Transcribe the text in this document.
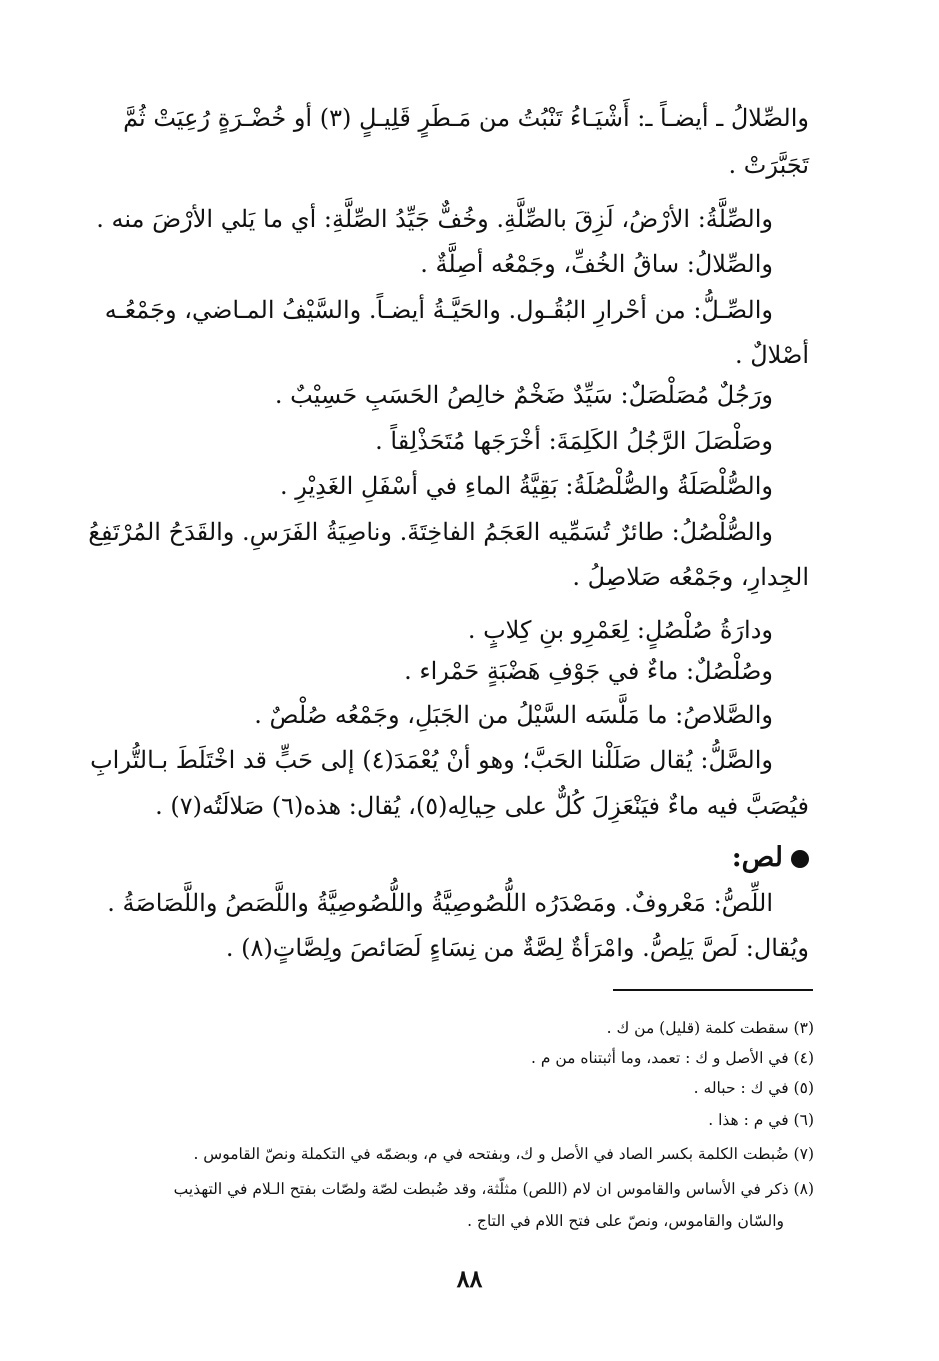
والصِّلالُ ـ أيضـاً ـ: أَشْيَـاءُ تَنْبُتُ من مَـطَرٍ قَلِيـلٍ (٣) أو خُضْـرَةٍ رُعِيَتْ ثُمَّ
تَجَبَّرَتْ .
والصِّلَّةُ: الأرْضُ، لَزِقَ بالصِّلَّةِ. وخُفٌّ جَيِّدُ الصِّلَّةِ: أي ما يَلي الأرْضَ منه .
والصِّلالُ: ساقُ الخُفِّ، وجَمْعُه أصِلَّةٌ .
والصِّـلُّ: من أحْرارِ البُقُـول. والحَيَّـةُ أيضـاً. والسَّيْفُ المـاضي، وجَمْعُـه
أصْلالٌ .
ورَجُلٌ مُصَلْصَلٌ: سَيِّدٌ ضَخْمٌ خالِصُ الحَسَبِ حَسِيْبٌ .
وصَلْصَلَ الرَّجُلُ الكَلِمَةَ: أخْرَجَها مُتَحَذْلِقاً .
والصُّلْصَلَةُ والصُّلْصُلَةُ: بَقِيَّةُ الماءِ في أسْفَلِ الغَدِيْرِ .
والصُّلْصُلُ: طائرٌ تُسَمِّيه العَجَمُ الفاخِتَةَ. وناصِيَةُ الفَرَسِ. والقَدَحُ المُرْتَفِعُ
الجِدارِ، وجَمْعُه صَلاصِلُ .
ودارَةُ صُلْصُلٍ: لِعَمْرِو بنِ كِلابٍ .
وصُلْصُلٌ: ماءٌ في جَوْفِ هَضْبَةٍ حَمْراء .
والصَّلاصُ: ما مَلَّسَه السَّيْلُ من الجَبَلِ، وجَمْعُه صُلْصٌ .
والصَّلُّ: يُقال صَلَلْنا الحَبَّ؛ وهو أنْ يُعْمَدَ(٤) إلى حَبٍّ قد اخْتَلَطَ بـالتُّرابِ
فيُصَبَّ فيه ماءٌ فيَنْعَزِلَ كُلٌّ على حِيالِه(٥)، يُقال: هذه(٦) صَلالَتُه(٧) .
لص:
اللِّصُّ: مَعْروفٌ. ومَصْدَرُه اللُّصُوصِيَّةُ واللُّصُوصِيَّةُ واللَّصَصُ واللَّصَاصَةُ .
ويُقال: لَصَّ يَلِصُّ. وامْرَأةٌ لِصَّةٌ من نِسَاءٍ لَصَائصَ ولِصَّاتٍ(٨) .
(٣) سقطت كلمة (قليل) من ك .
(٤) في الأصل و ك : تعمد، وما أثبتناه من م .
(٥) في ك : حباله .
(٦) في م : هذا .
(٧) ضُبطت الكلمة بكسر الصاد في الأصل و ك، وبفتحه في م، وبضمّه في التكملة ونصّ القاموس .
(٨) ذكر في الأساس والقاموس ان لام (اللص) مثلّثة، وقد ضُبطت لصّة ولصّات بفتح الـلام في التهذيب
والسّان والقاموس، ونصّ على فتح اللام في التاج .
٨٨
